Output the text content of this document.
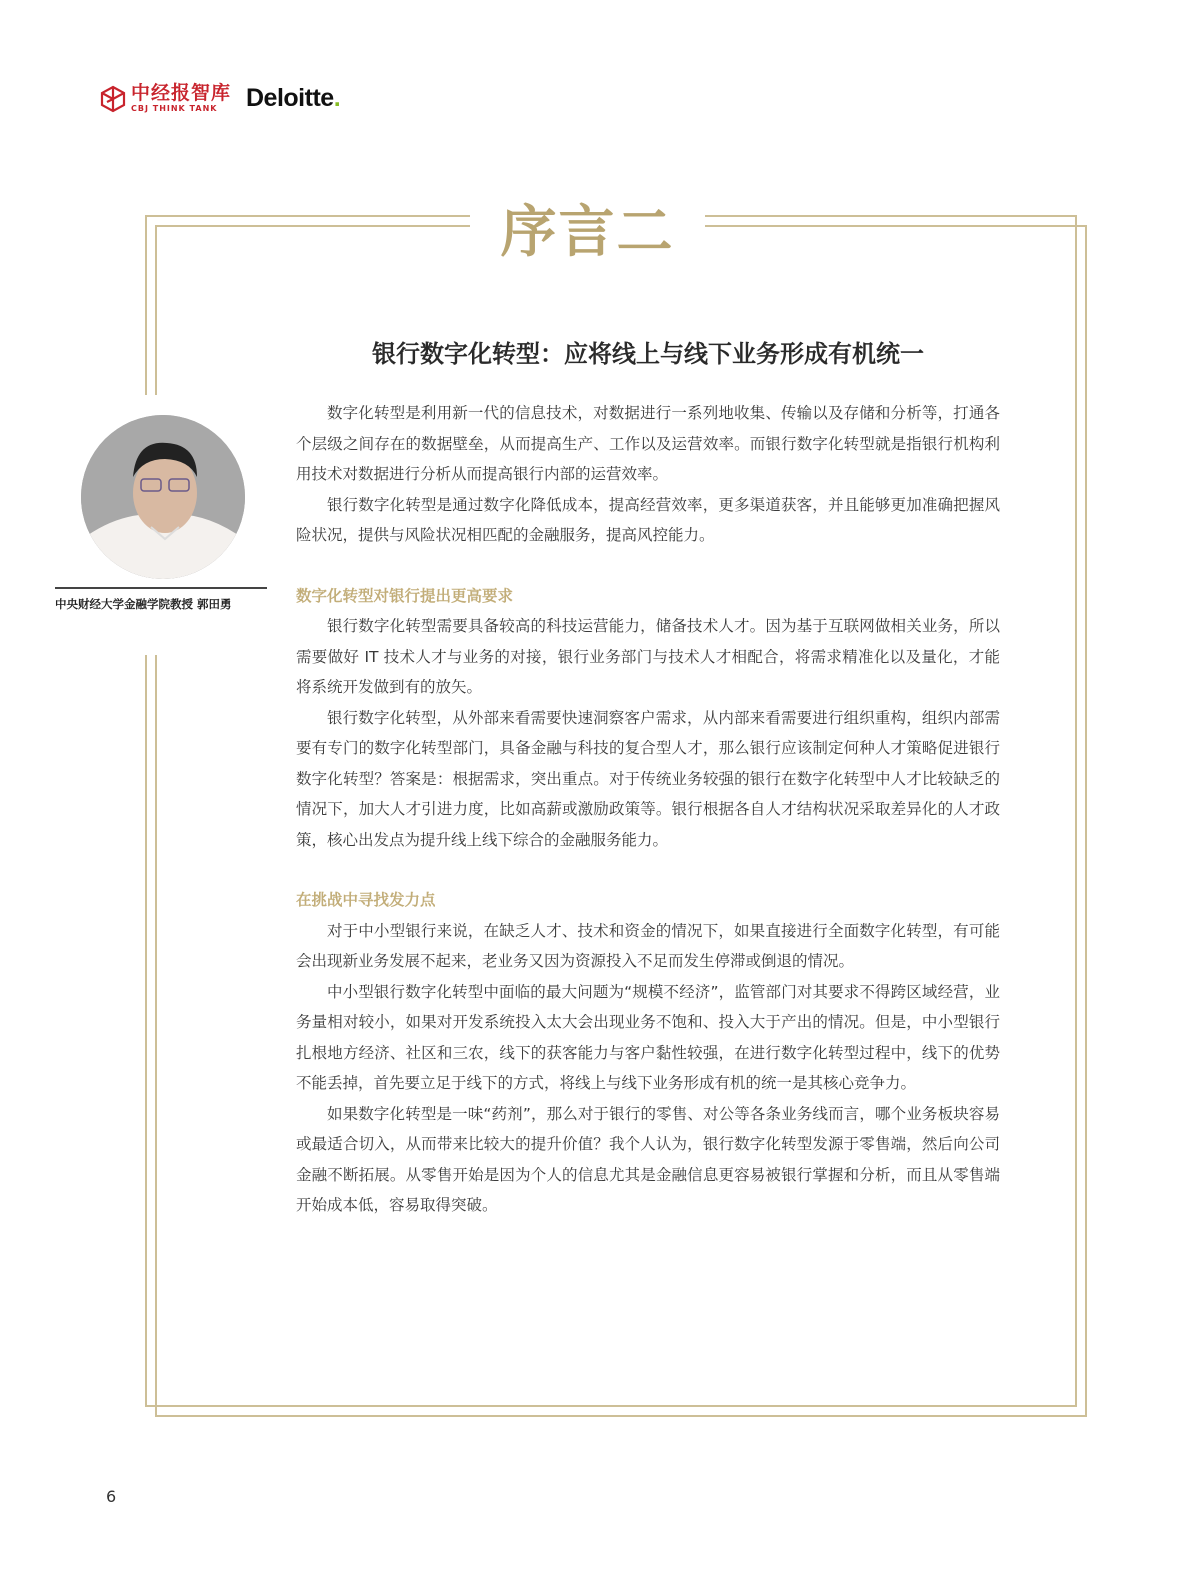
中经报智库
CBJ THINK TANK	Deloitte.
序言二
银行数字化转型：应将线上与线下业务形成有机统一
中央财经大学金融学院教授 郭田勇

数字化转型是利用新一代的信息技术，对数据进行一系列地收集、传输以及存储和分析等，打通各个层级之间存在的数据壁垒，从而提高生产、工作以及运营效率。而银行数字化转型就是指银行机构利用技术对数据进行分析从而提高银行内部的运营效率。

银行数字化转型是通过数字化降低成本，提高经营效率，更多渠道获客，并且能够更加准确把握风险状况，提供与风险状况相匹配的金融服务，提高风控能力。

数字化转型对银行提出更高要求

银行数字化转型需要具备较高的科技运营能力，储备技术人才。因为基于互联网做相关业务，所以需要做好 IT 技术人才与业务的对接，银行业务部门与技术人才相配合，将需求精准化以及量化，才能将系统开发做到有的放矢。

银行数字化转型，从外部来看需要快速洞察客户需求，从内部来看需要进行组织重构，组织内部需要有专门的数字化转型部门，具备金融与科技的复合型人才，那么银行应该制定何种人才策略促进银行数字化转型？答案是：根据需求，突出重点。对于传统业务较强的银行在数字化转型中人才比较缺乏的情况下，加大人才引进力度，比如高薪或激励政策等。银行根据各自人才结构状况采取差异化的人才政策，核心出发点为提升线上线下综合的金融服务能力。

在挑战中寻找发力点

对于中小型银行来说，在缺乏人才、技术和资金的情况下，如果直接进行全面数字化转型，有可能会出现新业务发展不起来，老业务又因为资源投入不足而发生停滞或倒退的情况。

中小型银行数字化转型中面临的最大问题为“规模不经济”，监管部门对其要求不得跨区域经营，业务量相对较小，如果对开发系统投入太大会出现业务不饱和、投入大于产出的情况。但是，中小型银行扎根地方经济、社区和三农，线下的获客能力与客户黏性较强，在进行数字化转型过程中，线下的优势不能丢掉，首先要立足于线下的方式，将线上与线下业务形成有机的统一是其核心竞争力。

如果数字化转型是一味“药剂”，那么对于银行的零售、对公等各条业务线而言，哪个业务板块容易或最适合切入，从而带来比较大的提升价值？我个人认为，银行数字化转型发源于零售端，然后向公司金融不断拓展。从零售开始是因为个人的信息尤其是金融信息更容易被银行掌握和分析，而且从零售端开始成本低，容易取得突破。

6
